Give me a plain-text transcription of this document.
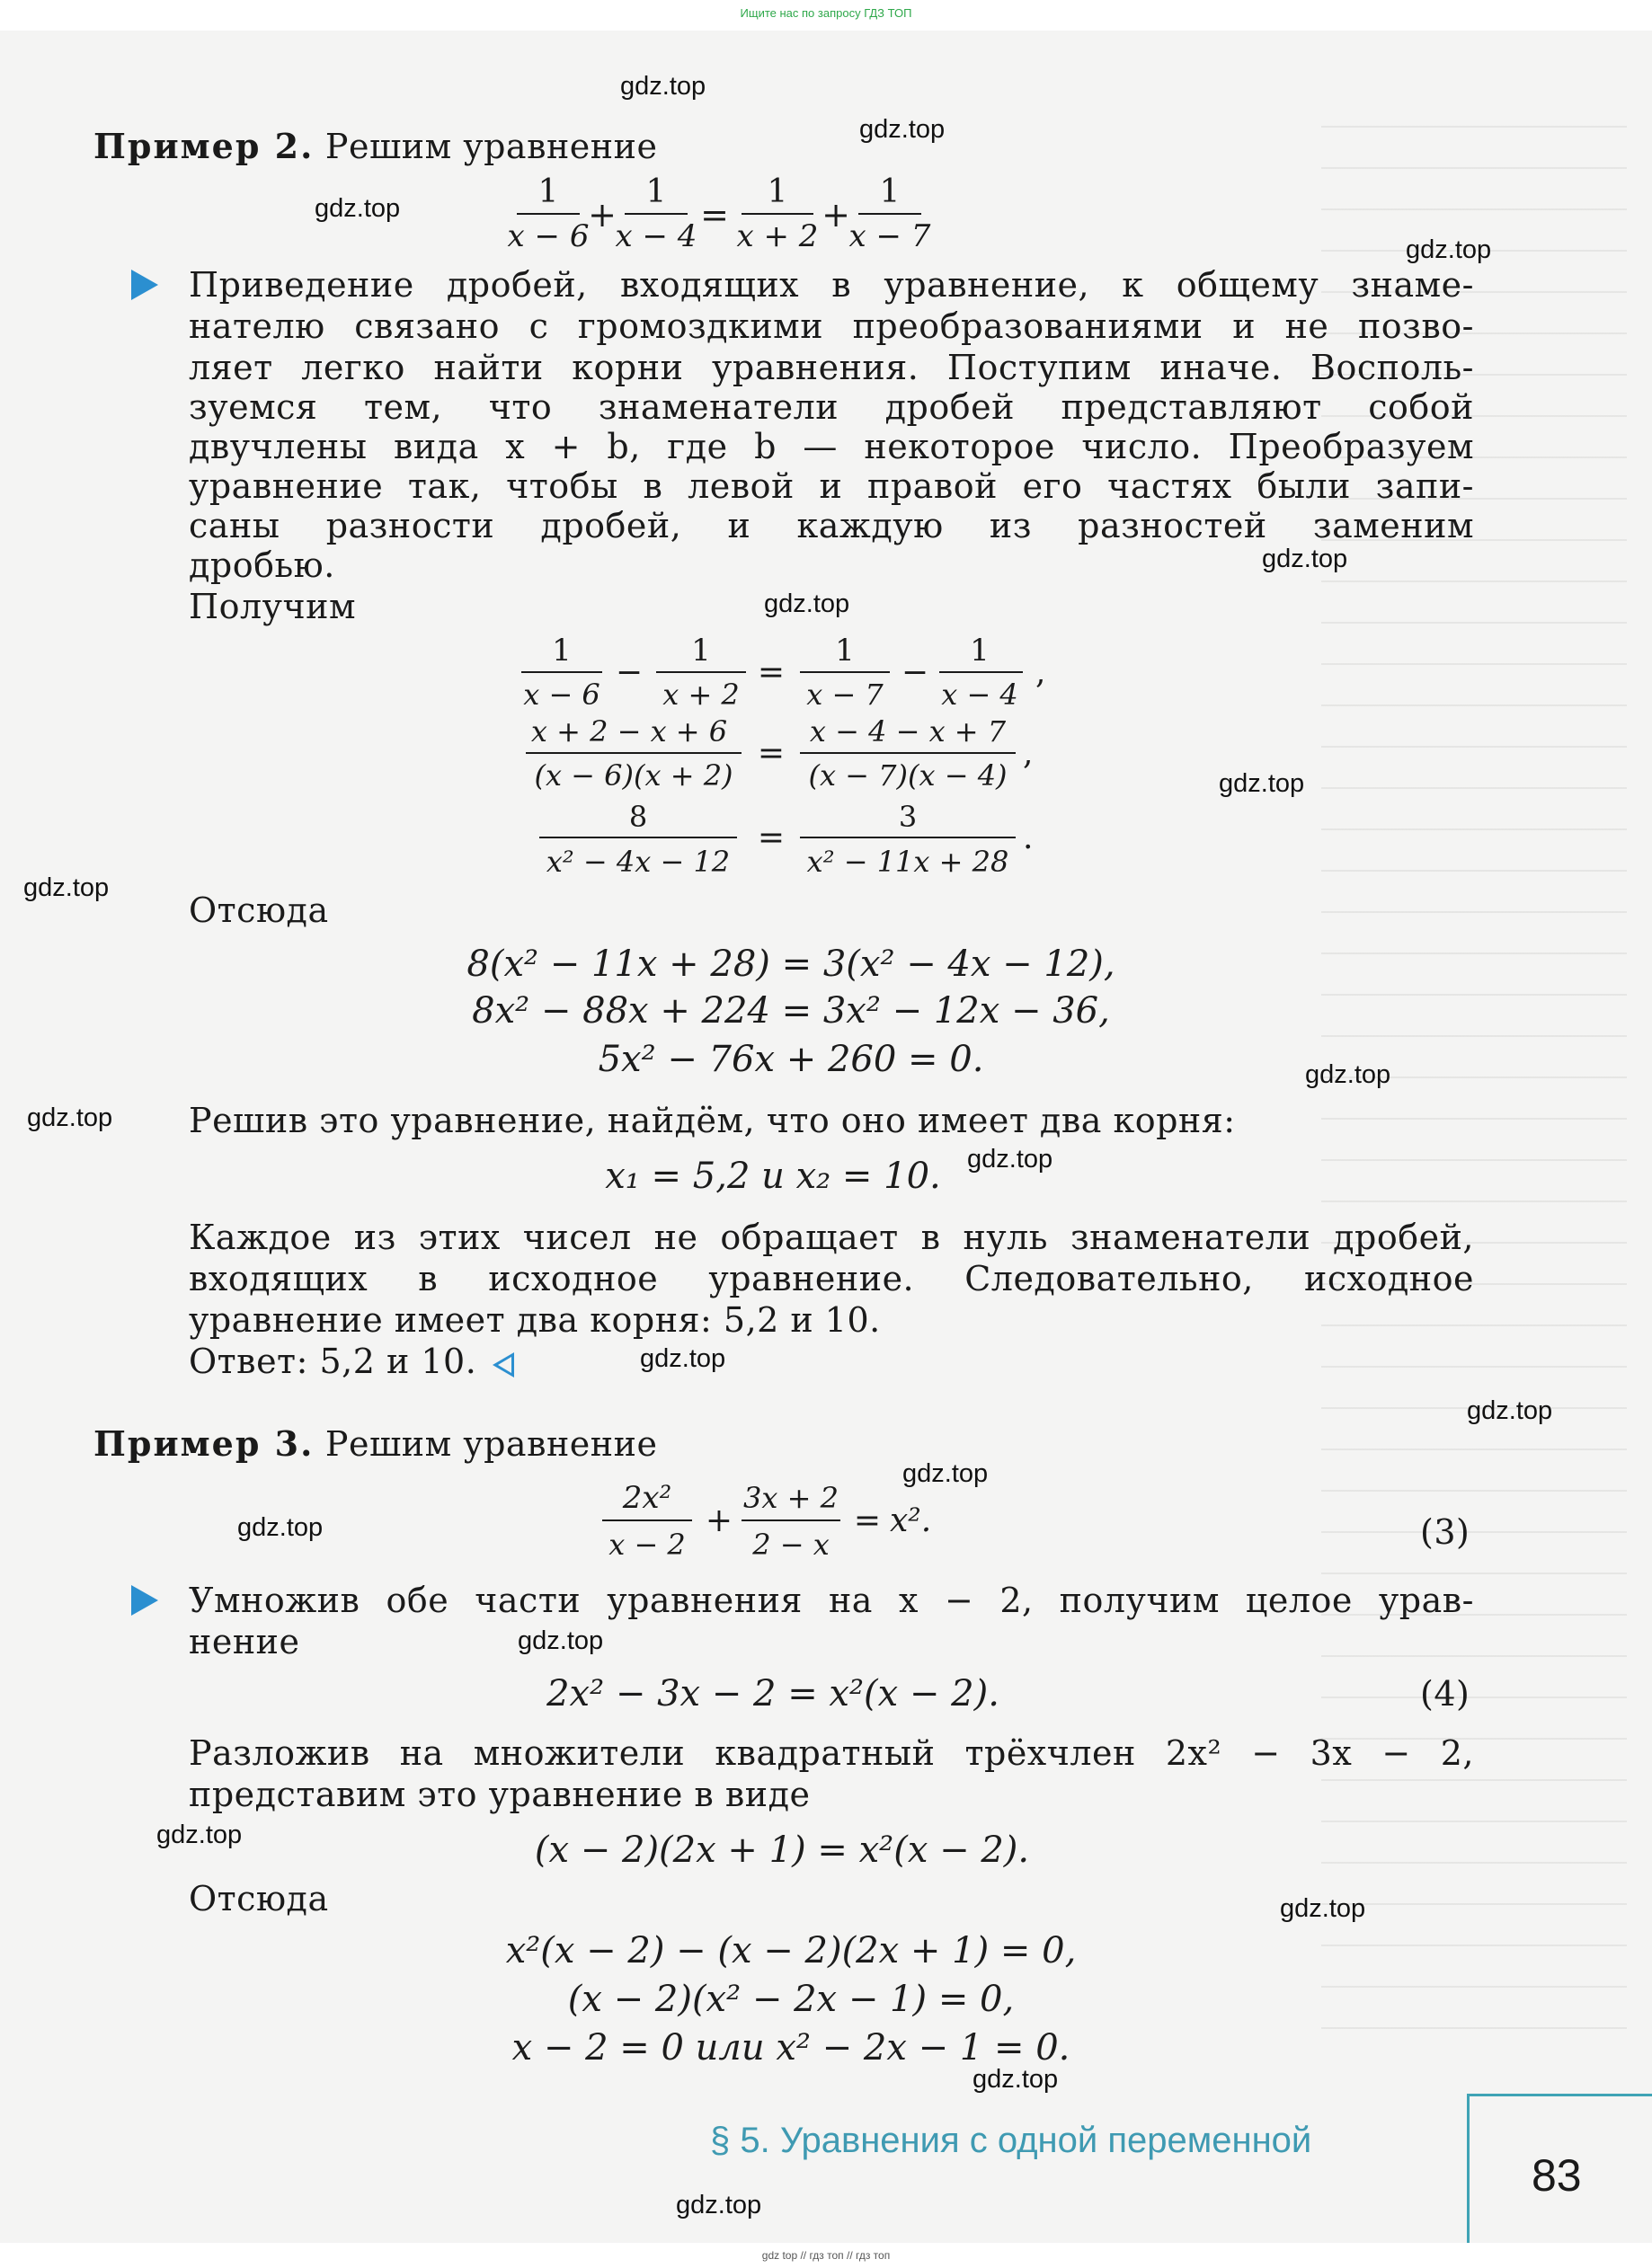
Ищите нас по запросу ГДЗ ТОП
Пример 2. Решим уравнение
1
x − 6
+
1
x − 4
=
1
x + 2
+
1
x − 7
Приведение дробей, входящих в уравнение, к общему знаме-
нателю связано с громоздкими преобразованиями и не позво-
ляет легко найти корни уравнения. Поступим иначе. Восполь-
зуемся тем, что знаменатели дробей представляют собой
двучлены вида x + b, где b — некоторое число. Преобразуем
уравнение так, чтобы в левой и правой его частях были запи-
саны разности дробей, и каждую из разностей заменим
дробью.
Получим
1
x − 6
−
1
x + 2
=
1
x − 7
−
1
x − 4
,
x + 2 − x + 6
(x − 6)(x + 2)
=
x − 4 − x + 7
(x − 7)(x − 4)
,
8
x² − 4x − 12
=
3
x² − 11x + 28
.
Отсюда
8(x² − 11x + 28) = 3(x² − 4x − 12),
8x² − 88x + 224 = 3x² − 12x − 36,
5x² − 76x + 260 = 0.
Решив это уравнение, найдём, что оно имеет два корня:
x₁ = 5,2 и x₂ = 10.
Каждое из этих чисел не обращает в нуль знаменатели дробей,
входящих в исходное уравнение. Следовательно, исходное
уравнение имеет два корня: 5,2 и 10.
Ответ: 5,2 и 10.
Пример 3. Решим уравнение
2x²
x − 2
+
3x + 2
2 − x
= x².	(3)
Умножив обе части уравнения на x − 2, получим целое урав-
нение
2x² − 3x − 2 = x²(x − 2).	(4)
Разложив на множители квадратный трёхчлен 2x² − 3x − 2,
представим это уравнение в виде
(x − 2)(2x + 1) = x²(x − 2).
Отсюда
x²(x − 2) − (x − 2)(2x + 1) = 0,
(x − 2)(x² − 2x − 1) = 0,
x − 2 = 0 или x² − 2x − 1 = 0.
§ 5. Уравнения с одной переменной
83
gdz.top
gdz.top
gdz.top
gdz.top
gdz.top
gdz.top
gdz.top
gdz.top
gdz.top
gdz.top
gdz.top
gdz.top
gdz.top
gdz.top
gdz.top
gdz.top
gdz.top
gdz.top
gdz.top
gdz.top
gdz top // гдз топ // гдз топ
